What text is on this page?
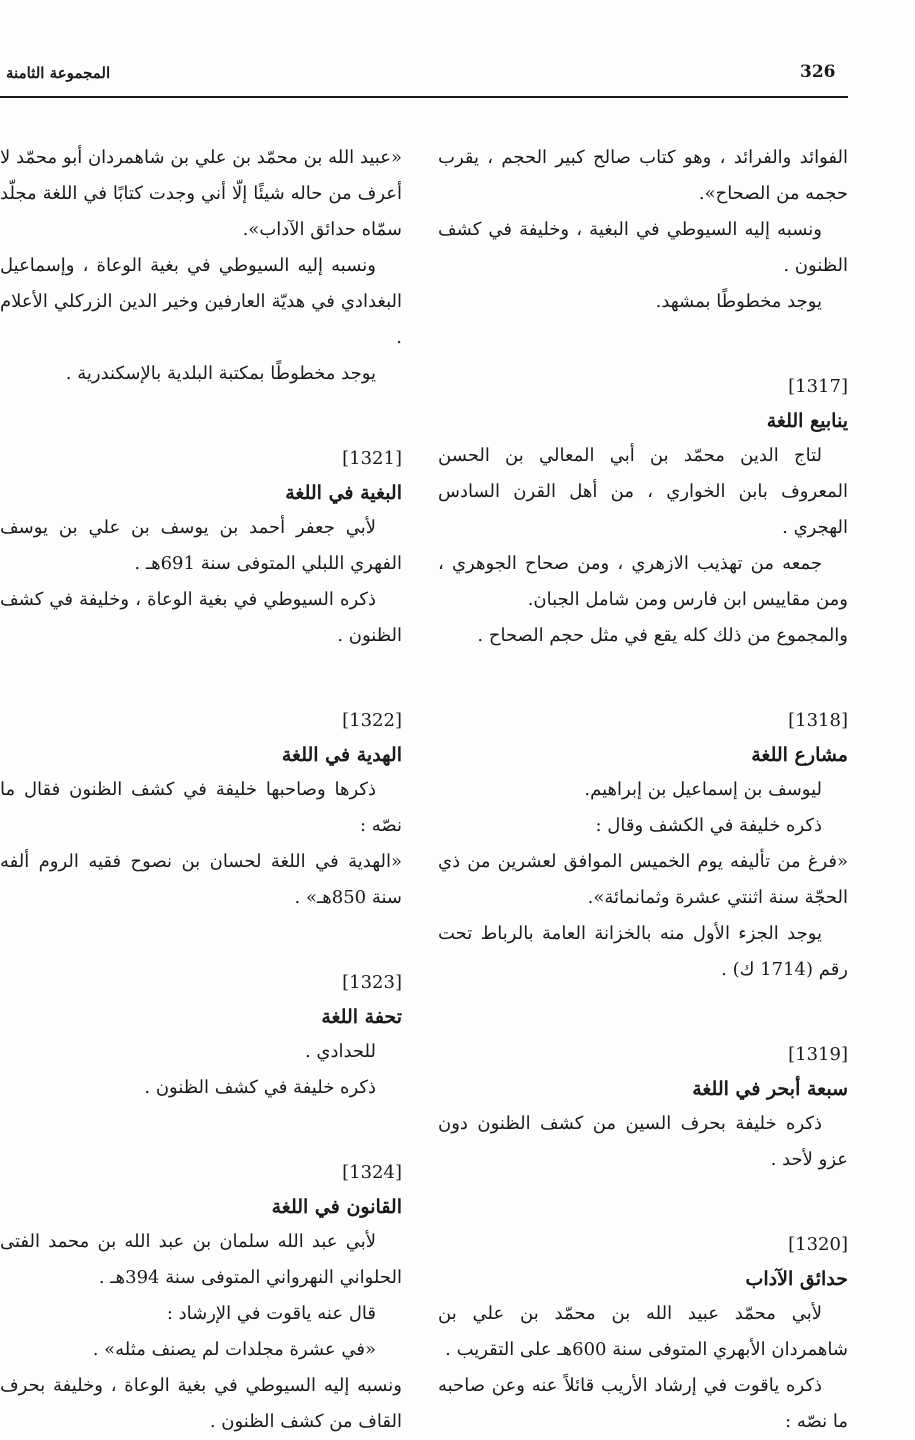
326
المجموعة الثامنة

الفوائد والفرائد ، وهو كتاب صالح كبير الحجم ، يقرب حجمه من الصحاح».

ونسبه إليه السيوطي في البغية ، وخليفة في كشف الظنون .

يوجد مخطوطًا بمشهد.

[1317]

ينابيع اللغة

لتاج الدين محمّد بن أبي المعالي بن الحسن المعروف بابن الخواري ، من أهل القرن السادس الهجري .

جمعه من تهذيب الازهري ، ومن صحاح الجوهري ، ومن مقاييس ابن فارس ومن شامل الجبان.

والمجموع من ذلك كله يقع في مثل حجم الصحاح .

[1318]

مشارع اللغة

ليوسف بن إسماعيل بن إبراهيم.

ذكره خليفة في الكشف وقال :

«فرغ من تأليفه يوم الخميس الموافق لعشرين من ذي الحجّة سنة اثنتي عشرة وثمانمائة».

يوجد الجزء الأول منه بالخزانة العامة بالرباط تحت رقم (1714 ك) .

[1319]

سبعة أبحر في اللغة

ذكره خليفة بحرف السين من كشف الظنون دون عزو لأحد .

[1320]

حدائق الآداب

لأبي محمّد عبيد الله بن محمّد بن علي بن شاهمردان الأبهري المتوفى سنة 600هـ على التقريب .

ذكره ياقوت في إرشاد الأريب قائلاً عنه وعن صاحبه ما نصّه :

«عبيد الله بن محمّد بن علي بن شاهمردان أبو محمّد لا أعرف من حاله شيئًا إلّا أني وجدت كتابًا في اللغة مجلّد سمّاه حدائق الآداب».

ونسبه إليه السيوطي في بغية الوعاة ، وإسماعيل البغدادي في هديّة العارفين وخير الدين الزركلي الأعلام .

يوجد مخطوطًا بمكتبة البلدية بالإسكندرية .

[1321]

البغية في اللغة

لأبي جعفر أحمد بن يوسف بن علي بن يوسف الفهري اللبلي المتوفى سنة 691هـ .

ذكره السيوطي في بغية الوعاة ، وخليفة في كشف الظنون .

[1322]

الهدية في اللغة

ذكرها وصاحبها خليفة في كشف الظنون فقال ما نصّه :

«الهدية في اللغة لحسان بن نصوح فقيه الروم ألفه سنة 850هـ» .

[1323]

تحفة اللغة

للحدادي .

ذكره خليفة في كشف الظنون .

[1324]

القانون في اللغة

لأبي عبد الله سلمان بن عبد الله بن محمد الفتى الحلواني النهرواني المتوفى سنة 394هـ .

قال عنه ياقوت في الإرشاد :

«في عشرة مجلدات لم يصنف مثله» .

ونسبه إليه السيوطي في بغية الوعاة ، وخليفة بحرف القاف من كشف الظنون .
